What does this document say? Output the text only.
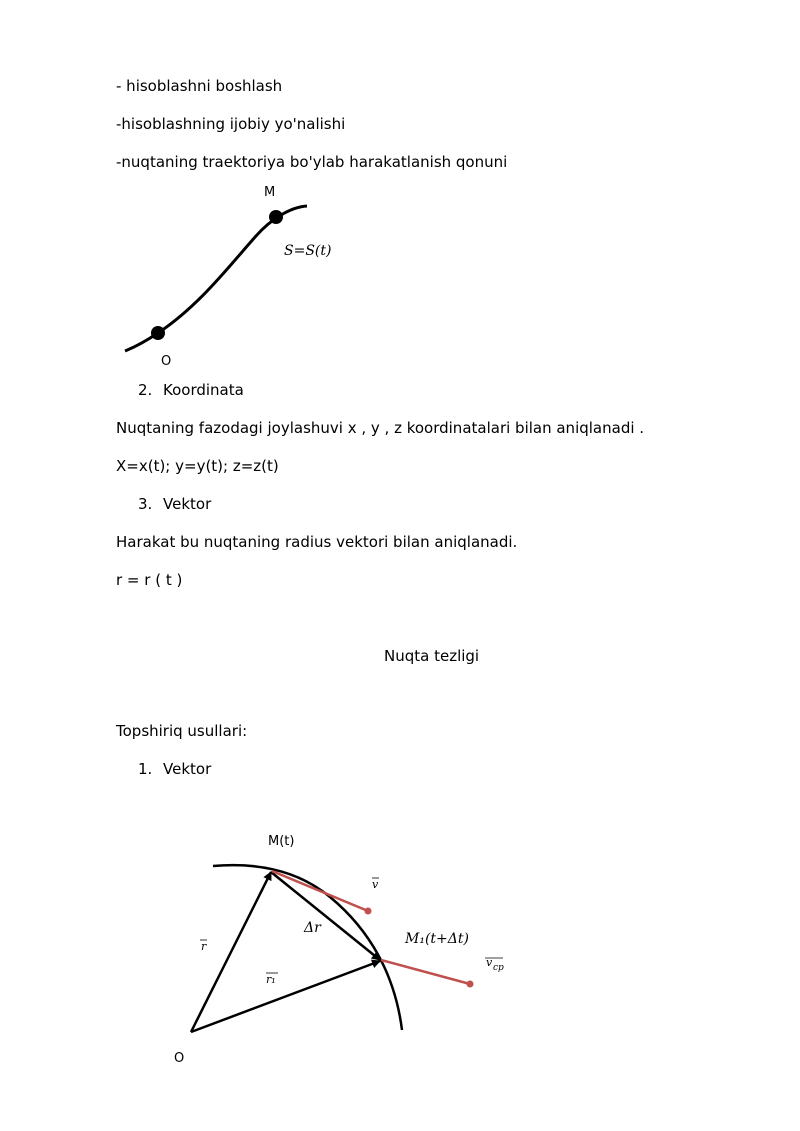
- hisoblashni boshlash
-hisoblashning ijobiy yo'nalishi
-nuqtaning traektoriya bo'ylab harakatlanish qonuni
M
O
S=S(t)
2. Koordinata
Nuqtaning fazodagi joylashuvi x , y , z koordinatalari bilan aniqlanadi .
X=x(t); y=y(t); z=z(t)
3. Vektor
Harakat bu nuqtaning radius vektori bilan aniqlanadi.
r = r ( t )
Nuqta tezligi
Topshiriq usullari:
1. Vektor
M(t)
v
Δr
M₁(t+Δt)
v cp
r
r₁
O
